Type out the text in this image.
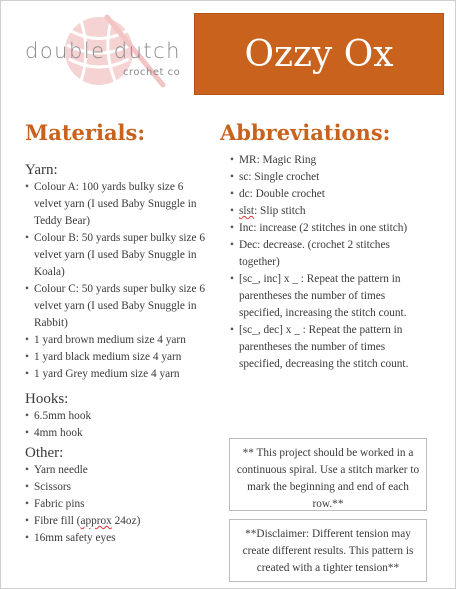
double dutch
crochet co Ozzy Ox
Materials:
Yarn:
• Colour A: 100 yards bulky size 6 velvet yarn (I used Baby Snuggle in Teddy Bear)
• Colour B: 50 yards super bulky size 6 velvet yarn (I used Baby Snuggle in Koala)
• Colour C: 50 yards super bulky size 6 velvet yarn (I used Baby Snuggle in Rabbit)
• 1 yard brown medium size 4 yarn
• 1 yard black medium size 4 yarn
• 1 yard Grey medium size 4 yarn
Hooks:
• 6.5mm hook
• 4mm hook
Other:
• Yarn needle
• Scissors
• Fabric pins
• Fibre fill (approx 24oz)
• 16mm safety eyes
Abbreviations:
• MR: Magic Ring
• sc: Single crochet
• dc: Double crochet
• slst: Slip stitch
• Inc: increase (2 stitches in one stitch)
• Dec: decrease. (crochet 2 stitches together)
• [sc_, inc] x _ : Repeat the pattern in parentheses the number of times specified, increasing the stitch count.
• [sc_, dec] x _ : Repeat the pattern in parentheses the number of times specified, decreasing the stitch count.
** This project should be worked in a continuous spiral. Use a stitch marker to mark the beginning and end of each row.**
**Disclaimer: Different tension may create different results. This pattern is created with a tighter tension**
